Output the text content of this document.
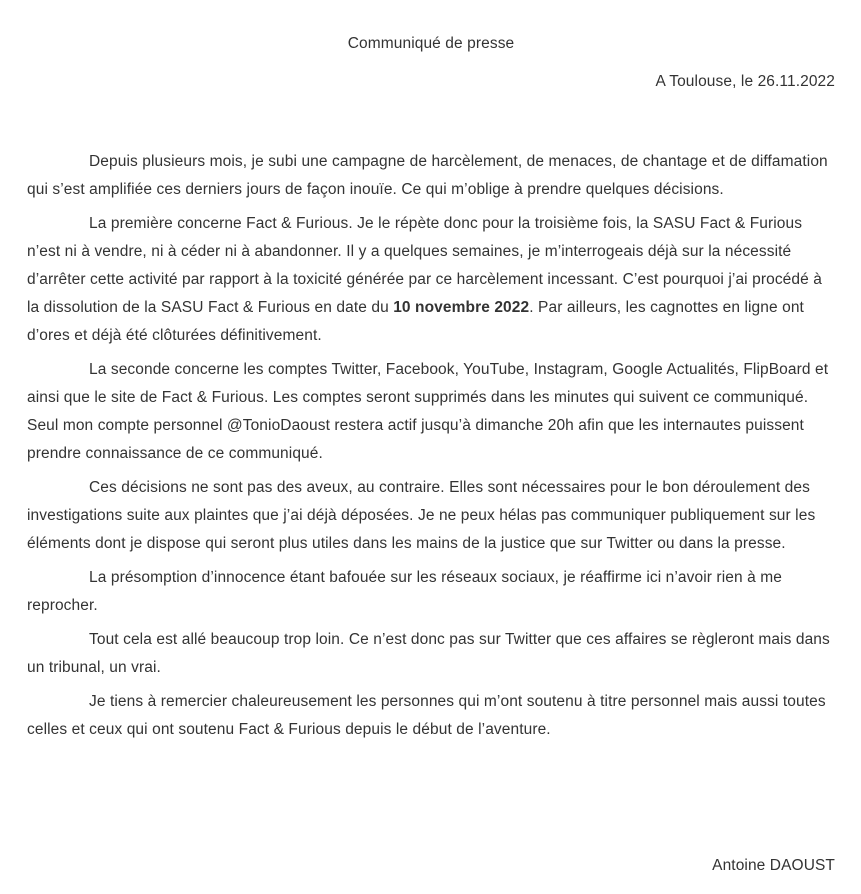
Communiqué de presse

A Toulouse, le 26.11.2022

Depuis plusieurs mois, je subi une campagne de harcèlement, de menaces, de chantage et de diffamation qui s’est amplifiée ces derniers jours de façon inouïe. Ce qui m’oblige à prendre quelques décisions.

La première concerne Fact & Furious. Je le répète donc pour la troisième fois, la SASU Fact & Furious n’est ni à vendre, ni à céder ni à abandonner. Il y a quelques semaines, je m’interrogeais déjà sur la nécessité d’arrêter cette activité par rapport à la toxicité générée par ce harcèlement incessant. C’est pourquoi j’ai procédé à la dissolution de la SASU Fact & Furious en date du 10 novembre 2022. Par ailleurs, les cagnottes en ligne ont d’ores et déjà été clôturées définitivement.

La seconde concerne les comptes Twitter, Facebook, YouTube, Instagram, Google Actualités, FlipBoard et ainsi que le site de Fact & Furious. Les comptes seront supprimés dans les minutes qui suivent ce communiqué. Seul mon compte personnel @TonioDaoust restera actif jusqu’à dimanche 20h afin que les internautes puissent prendre connaissance de ce communiqué.

Ces décisions ne sont pas des aveux, au contraire. Elles sont nécessaires pour le bon déroulement des investigations suite aux plaintes que j’ai déjà déposées. Je ne peux hélas pas communiquer publiquement sur les éléments dont je dispose qui seront plus utiles dans les mains de la justice que sur Twitter ou dans la presse.

La présomption d’innocence étant bafouée sur les réseaux sociaux, je réaffirme ici n’avoir rien à me reprocher.

Tout cela est allé beaucoup trop loin. Ce n’est donc pas sur Twitter que ces affaires se règleront mais dans un tribunal, un vrai.

Je tiens à remercier chaleureusement les personnes qui m’ont soutenu à titre personnel mais aussi toutes celles et ceux qui ont soutenu Fact & Furious depuis le début de l’aventure.

Antoine DAOUST
